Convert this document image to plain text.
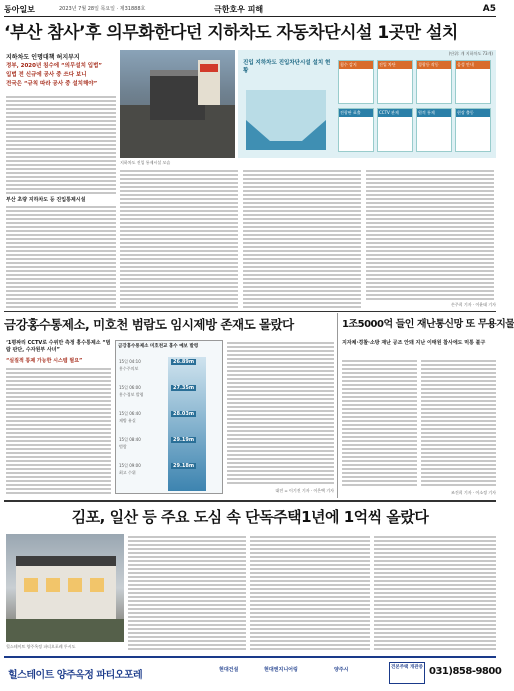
동아일보	2023년 7월 28일 목요일 · 제31888호	극한호우 피해	A5
‘부산 참사’후 의무화한다던 지하차도 자동차단시설 1곳만 설치
지하차도 인명대책 허지부지
정부, 2020년 침수에 “의무설치 입법”
입법 전 신규에 공사 중 쓰다 보니
전국은 “규칙 따라 공사 중 설치해야”
부산 초량 지하차도 등 진입통제시설
진입 지하차도 진입차단시설 설치 현황
(단위: 개 지하차도 73개)
침수 감지	진입 차단	경광등 작동	음성 안내
전광판 표출	CCTV 관제	원격 통제	현장 출동
지하차도 진입 통제시설 모습
손주희 기자 · 이윤태 기자
금강홍수통제소, 미호천 범람도 임시제방 존재도 몰랐다
‘1평짜리 CCTV로 수위만 측정 홍수통제소 “범람 판단, 수자원부 사녀”
“실질적 통제 가능한 시스템 필요”
금강홍수통제소 미호천교 홍수 예보 발령
15일 04:10	26.89m
홍수주의보
15일 06:00	27.35m
홍수경보 발령
15일 06:40	28.03m
제방 유실
15일 08:40	29.19m
범람
15일 09:00	29.18m
최고 수위
대전 = 이기진 기자 · 이은택 기자
1조5000억 들인 재난통신망 또 무용지물
지자체·경찰·소방 재난 공조 안돼 지난 이태원 참사에도 먹통 불구
조건희 기자 · 이소정 기자
김포, 일산 등 주요 도심 속 단독주택1년에 1억씩 올랐다
힐스테이트 양주옥정 파티오포레 투시도
힐스테이트 양주옥정 파티오포레	현대건설	현대엔지니어링	양주시	견본주택 개관중 031)858-9800
